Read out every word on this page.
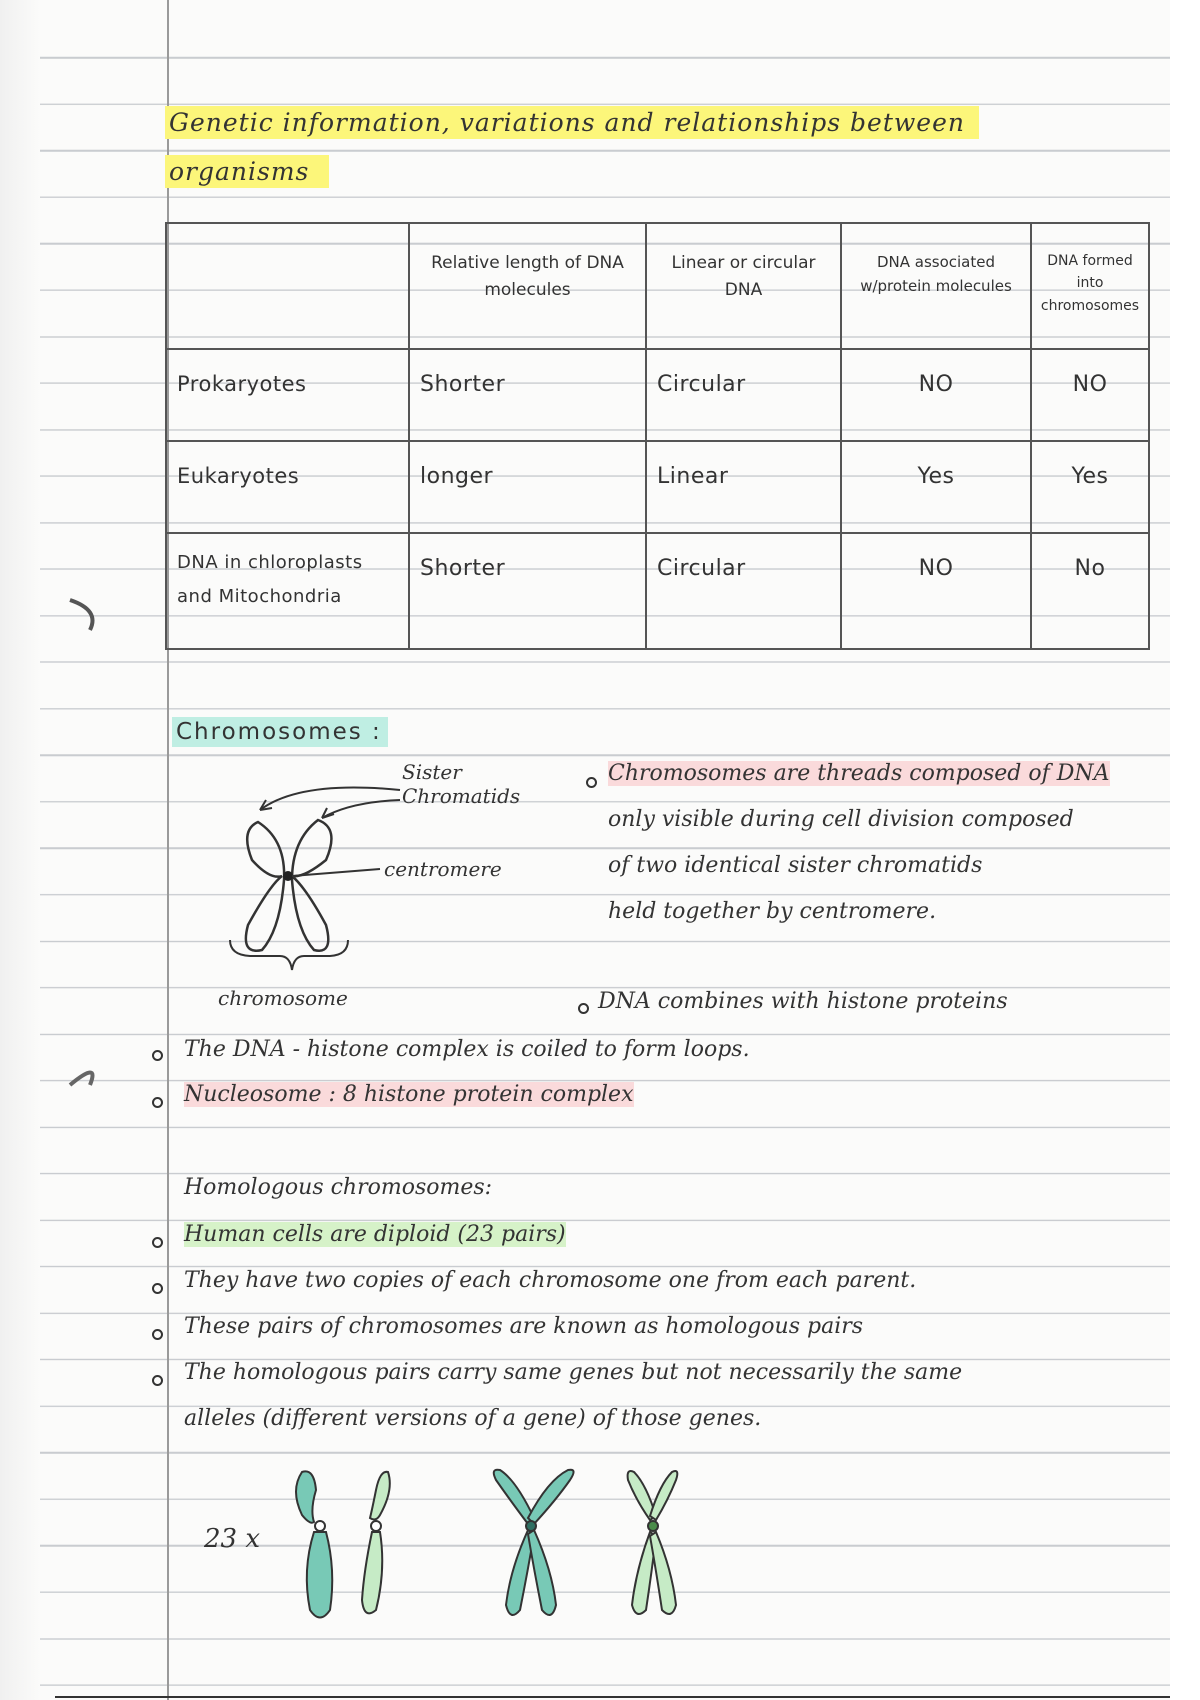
Genetic information, variations and relationships between
organisms
	Relative length of DNA molecules	Linear or circular DNA	DNA associated w/protein molecules	DNA formed into chromosomes
Prokaryotes	Shorter	Circular	NO	NO
Eukaryotes	longer	Linear	Yes	Yes
DNA in chloroplasts and Mitochondria	Shorter	Circular	NO	No
Chromosomes :
Sister Chromatids
centromere
chromosome
Chromosomes are threads composed of DNA
only visible during cell division composed
of two identical sister chromatids
held together by centromere.
DNA combines with histone proteins
The DNA - histone complex is coiled to form loops.
Nucleosome : 8 histone protein complex
Homologous chromosomes:
Human cells are diploid (23 pairs)
They have two copies of each chromosome one from each parent.
These pairs of chromosomes are known as homologous pairs
The homologous pairs carry same genes but not necessarily the same
alleles (different versions of a gene) of those genes.
23 x
